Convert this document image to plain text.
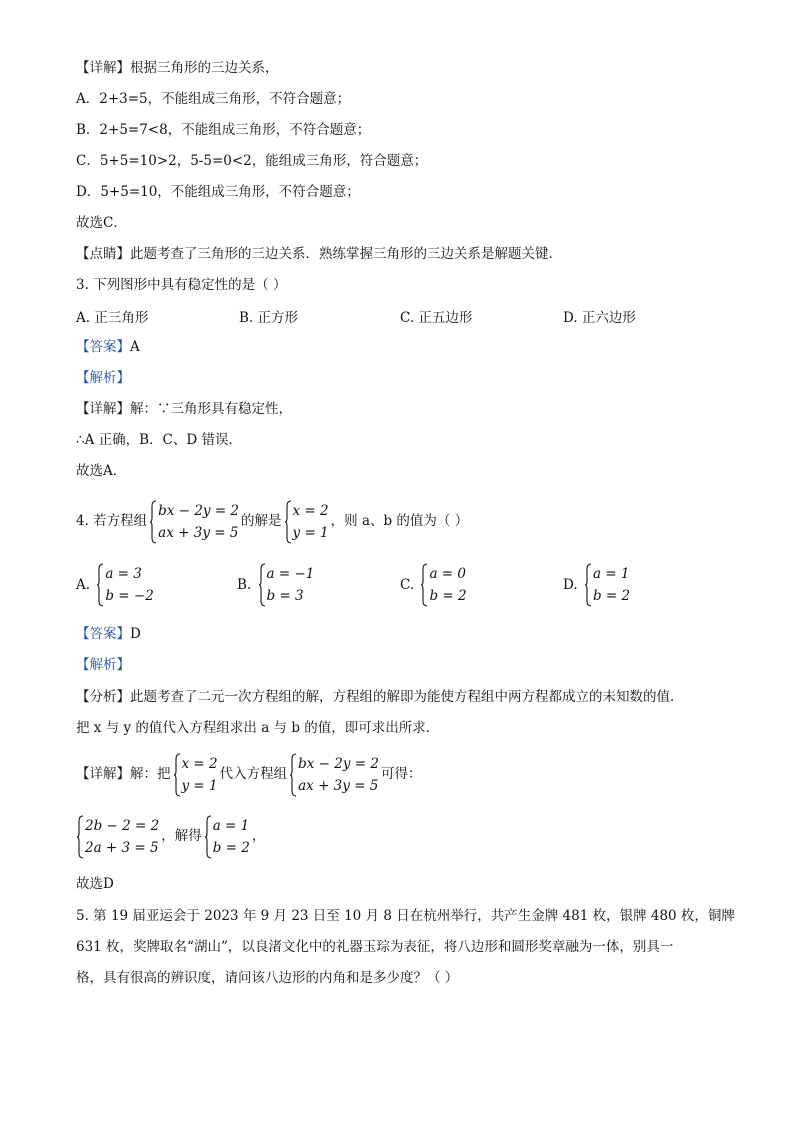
【详解】根据三角形的三边关系，
A．2+3=5，不能组成三角形，不符合题意；
B．2+5=7<8，不能组成三角形，不符合题意；
C．5+5=10>2，5-5=0<2，能组成三角形，符合题意；
D．5+5=10，不能组成三角形，不符合题意；
故选C．
【点睛】此题考查了三角形的三边关系．熟练掌握三角形的三边关系是解题关键．
3. 下列图形中具有稳定性的是（ ）
A. 正三角形	B. 正方形	C. 正五边形	D. 正六边形
【答案】A
【解析】
【详解】解：∵三角形具有稳定性，
∴A 正确，B．C、D 错误．
故选A．
4. 若方程组
bx − 2y = 2
ax + 3y = 5
的解是
x = 2
y = 1
，则 a、b 的值为（ ）
A.
a = 3
b = −2
B.
a = −1
b = 3
C.
a = 0
b = 2
D.
a = 1
b = 2
【答案】D
【解析】
【分析】此题考查了二元一次方程组的解，方程组的解即为能使方程组中两方程都成立的未知数的值．
把 x 与 y 的值代入方程组求出 a 与 b 的值，即可求出所求．
【详解】解：把
x = 2
y = 1
代入方程组
bx − 2y = 2
ax + 3y = 5
可得：
2b − 2 = 2
2a + 3 = 5
，解得
a = 1
b = 2
，
故选D
5. 第 19 届亚运会于 2023 年 9 月 23 日至 10 月 8 日在杭州举行，共产生金牌 481 枚，银牌 480 枚，铜牌
631 枚，奖牌取名“湖山”，以良渚文化中的礼器玉琮为表征，将八边形和圆形奖章融为一体，别具一
格，具有很高的辨识度，请问该八边形的内角和是多少度？（ ）
